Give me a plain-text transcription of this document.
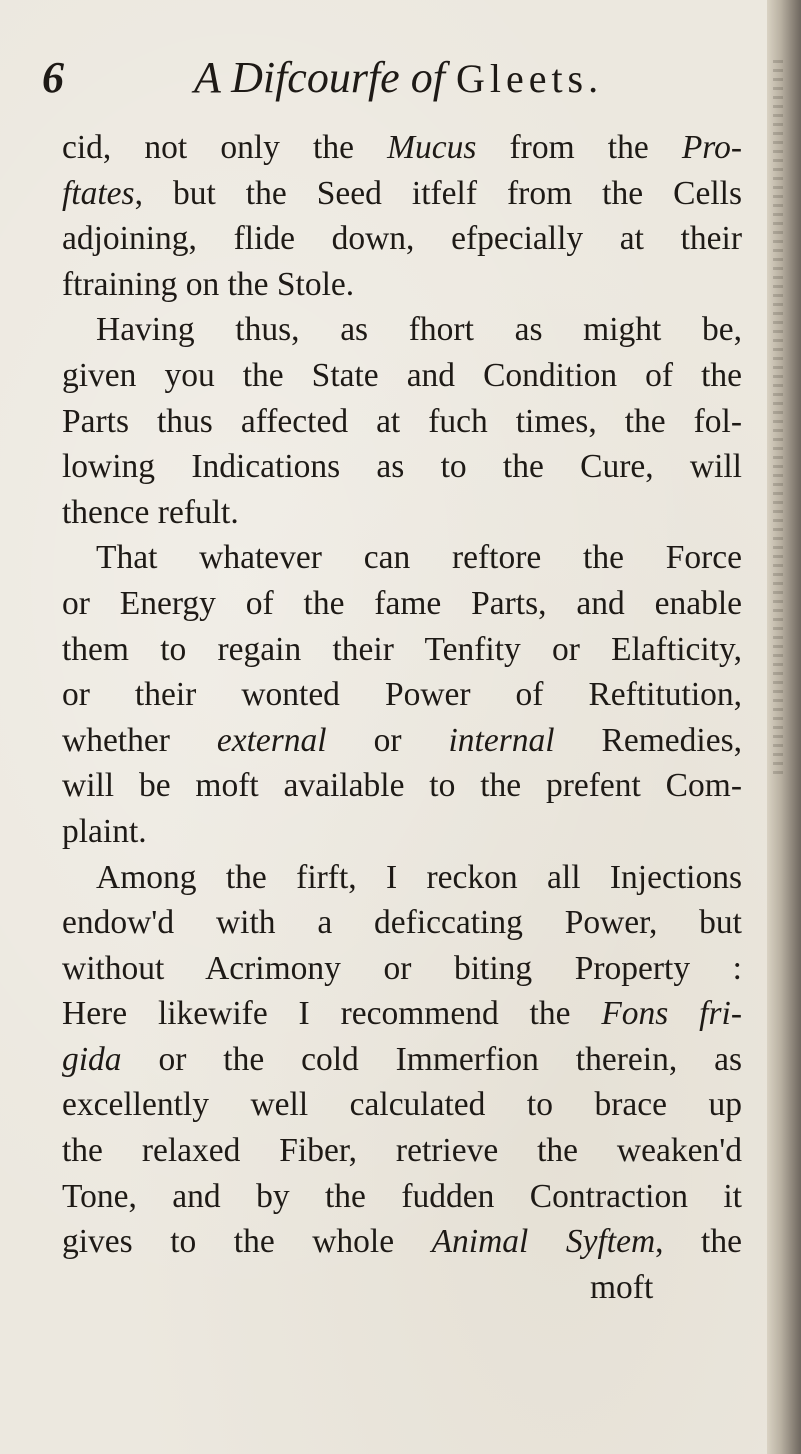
6	A Difcourfe of Gleets.
cid, not only the Mucus from the Pro-
ftates, but the Seed itfelf from the Cells
adjoining, flide down, efpecially at their
ftraining on the Stole.
Having thus, as fhort as might be,
given you the State and Condition of the
Parts thus affected at fuch times, the fol-
lowing Indications as to the Cure, will
thence refult.
That whatever can reftore the Force
or Energy of the fame Parts, and enable
them to regain their Tenfity or Elafticity,
or their wonted Power of Reftitution,
whether external or internal Remedies,
will be moft available to the prefent Com-
plaint.
Among the firft, I reckon all Injections
endow'd with a deficcating Power, but
without Acrimony or biting Property :
Here likewife I recommend the Fons fri-
gida or the cold Immerfion therein, as
excellently well calculated to brace up
the relaxed Fiber, retrieve the weaken'd
Tone, and by the fudden Contraction it
gives to the whole Animal Syftem, the
moft
